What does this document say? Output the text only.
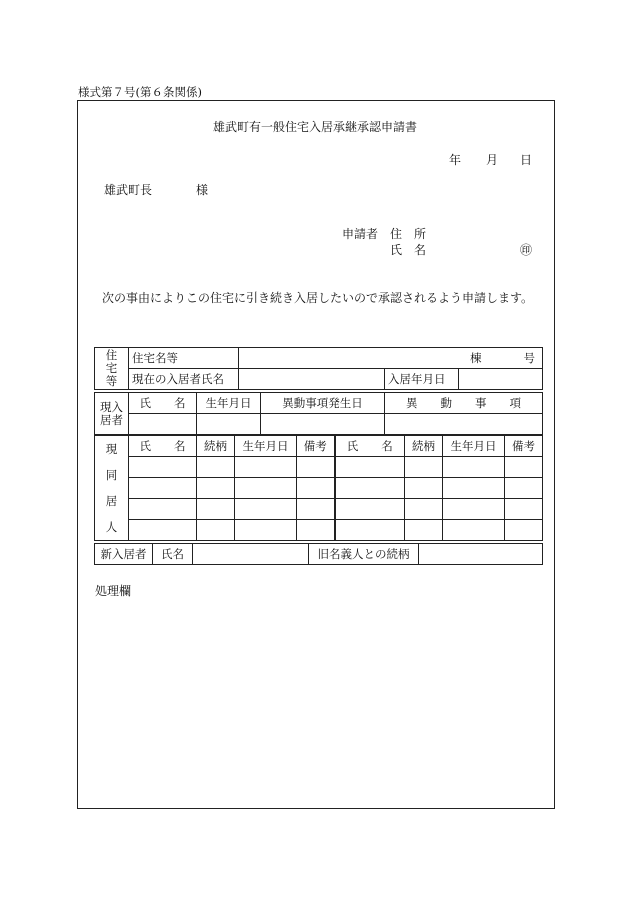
様式第７号(第６条関係)
雄武町有一般住宅入居承継承認申請書
年 月 日
雄武町長	様
申請者 住　所
氏　名	㊞
次の事由によりこの住宅に引き続き入居したいので承認されるよう申請します。
住
宅
等	住宅名等	棟 号		

	現在の入居者氏名		入居年月日	
現入
居者	氏　　名	生年月日	異動事項発生日	異　　動　　事　　項

現
同
居
人	氏　　名	続柄	生年月日	備考	氏　　名	続柄	生年月日	備考

新入居者	氏名		旧名義人との続柄	
処理欄
